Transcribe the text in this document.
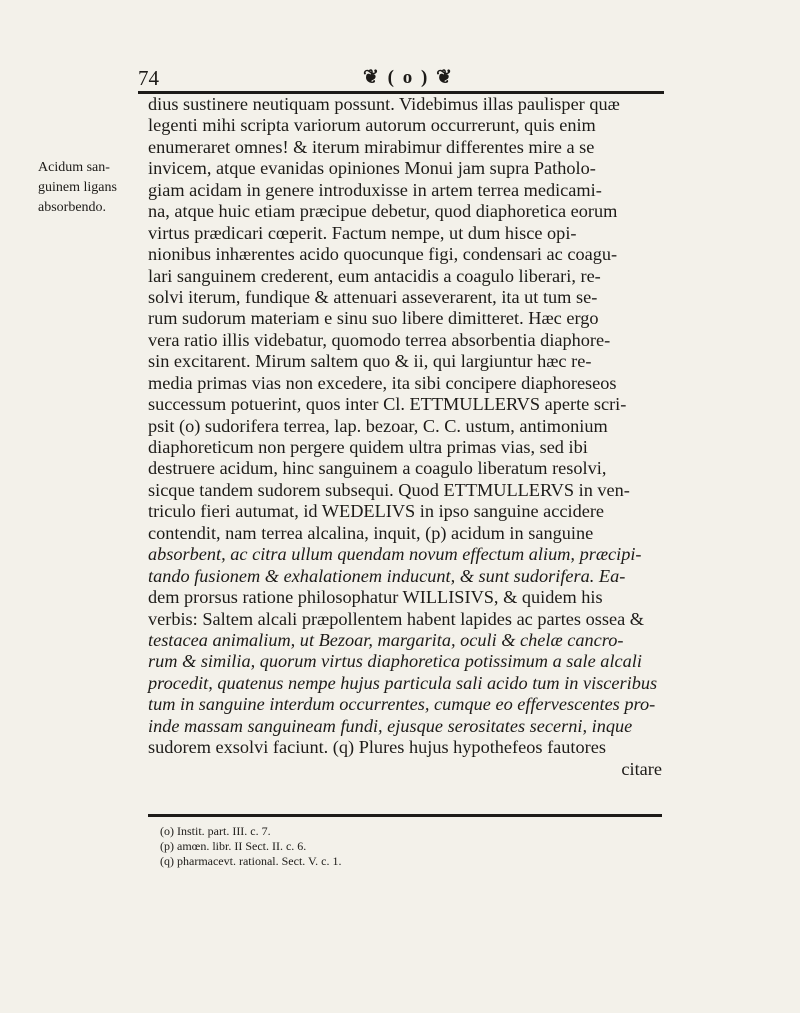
74	❦ ( o ) ❦
Acidum san-
guinem ligans
absorbendo.
dius sustinere neutiquam possunt. Videbimus illas paulisper quæ
legenti mihi scripta variorum autorum occurrerunt, quis enim
enumeraret omnes! & iterum mirabimur differentes mire a se
invicem, atque evanidas opiniones Monui jam supra Patholo-
giam acidam in genere introduxisse in artem terrea medicami-
na, atque huic etiam præcipue debetur, quod diaphoretica eorum
virtus prædicari cœperit. Factum nempe, ut dum hisce opi-
nionibus inhærentes acido quocunque figi, condensari ac coagu-
lari sanguinem crederent, eum antacidis a coagulo liberari, re-
solvi iterum, fundique & attenuari asseverarent, ita ut tum se-
rum sudorum materiam e sinu suo libere dimitteret. Hæc ergo
vera ratio illis videbatur, quomodo terrea absorbentia diaphore-
sin excitarent. Mirum saltem quo & ii, qui largiuntur hæc re-
media primas vias non excedere, ita sibi concipere diaphoreseos
successum potuerint, quos inter Cl. ETTMULLERVS aperte scri-
psit (o) sudorifera terrea, lap. bezoar, C. C. ustum, antimonium
diaphoreticum non pergere quidem ultra primas vias, sed ibi
destruere acidum, hinc sanguinem a coagulo liberatum resolvi,
sicque tandem sudorem subsequi. Quod ETTMULLERVS in ven-
triculo fieri autumat, id WEDELIVS in ipso sanguine accidere
contendit, nam terrea alcalina, inquit, (p) acidum in sanguine
absorbent, ac citra ullum quendam novum effectum alium, præcipi-
tando fusionem & exhalationem inducunt, & sunt sudorifera. Ea-
dem prorsus ratione philosophatur WILLISIVS, & quidem his
verbis: Saltem alcali præpollentem habent lapides ac partes ossea &
testacea animalium, ut Bezoar, margarita, oculi & chelæ cancro-
rum & similia, quorum virtus diaphoretica potissimum a sale alcali
procedit, quatenus nempe hujus particula sali acido tum in visceribus
tum in sanguine interdum occurrentes, cumque eo effervescentes pro-
inde massam sanguineam fundi, ejusque serositates secerni, inque
sudorem exsolvi faciunt. (q) Plures hujus hypothefeos fautores
citare
(o) Instit. part. III. c. 7.
(p) amœn. libr. II Sect. II. c. 6.
(q) pharmacevt. rational. Sect. V. c. 1.
